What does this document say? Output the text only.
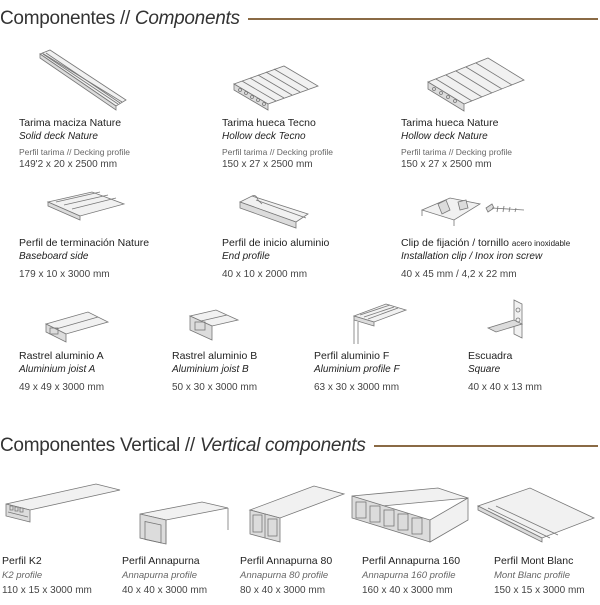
Componentes // Components
Tarima maciza Nature
Solid deck Nature
Perfil tarima // Decking profile
149'2 x 20 x 2500 mm
Tarima hueca Tecno
Hollow deck Tecno
Perfil tarima // Decking profile
150 x 27 x 2500 mm
Tarima hueca Nature
Hollow deck Nature
Perfil tarima // Decking profile
150 x 27 x 2500 mm
Perfil de terminación Nature
Baseboard side
179 x 10 x 3000 mm
Perfil de inicio aluminio
End profile
40 x 10 x 2000 mm
Clip de fijación / tornillo acero inoxidable
Installation clip / Inox iron screw
40 x 45 mm / 4,2 x 22 mm
Rastrel aluminio A
Aluminium joist A
49 x 49 x 3000 mm
Rastrel aluminio B
Aluminium joist B
50 x 30 x 3000 mm
Perfil aluminio F
Aluminium profile F
63 x 30 x 3000 mm
Escuadra
Square
40 x 40 x 13 mm
Componentes Vertical // Vertical components
Perfil K2
K2 profile
110 x 15 x 3000 mm
Perfil Annapurna
Annapurna profile
40 x 40 x 3000 mm
Perfil Annapurna 80
Annapurna 80 profile
80 x 40 x 3000 mm
Perfil Annapurna 160
Annapurna 160 profile
160 x 40 x 3000 mm
Perfil Mont Blanc
Mont Blanc profile
150 x 15 x 3000 mm
